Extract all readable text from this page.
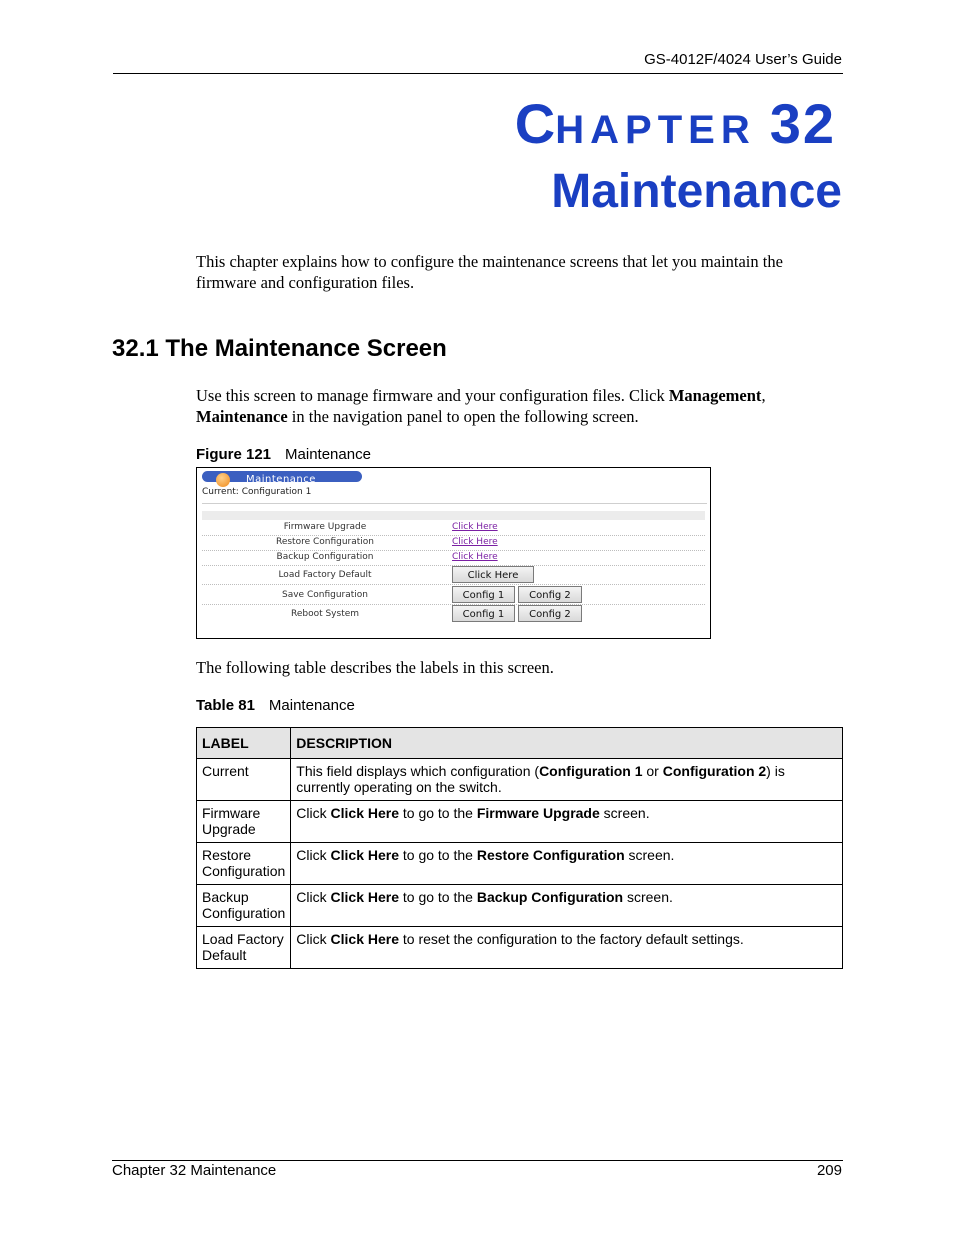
GS-4012F/4024 User’s Guide
CHAPTER 32
Maintenance
This chapter explains how to configure the maintenance screens that let you maintain the firmware and configuration files.
32.1 The Maintenance Screen
Use this screen to manage firmware and your configuration files. Click Management, Maintenance in the navigation panel to open the following screen.
Figure 121 Maintenance
Maintenance
Current: Configuration 1
Firmware Upgrade	Click Here
Restore Configuration	Click Here
Backup Configuration	Click Here
Load Factory Default	Click Here
Save Configuration	Config 1	Config 2
Reboot System	Config 1	Config 2
The following table describes the labels in this screen.
Table 81 Maintenance
LABEL	DESCRIPTION
Current	This field displays which configuration (Configuration 1 or Configuration 2) is currently operating on the switch.
Firmware Upgrade	Click Click Here to go to the Firmware Upgrade screen.
Restore Configuration	Click Click Here to go to the Restore Configuration screen.
Backup Configuration	Click Click Here to go to the Backup Configuration screen.
Load Factory Default	Click Click Here to reset the configuration to the factory default settings.
Chapter 32 Maintenance	209
